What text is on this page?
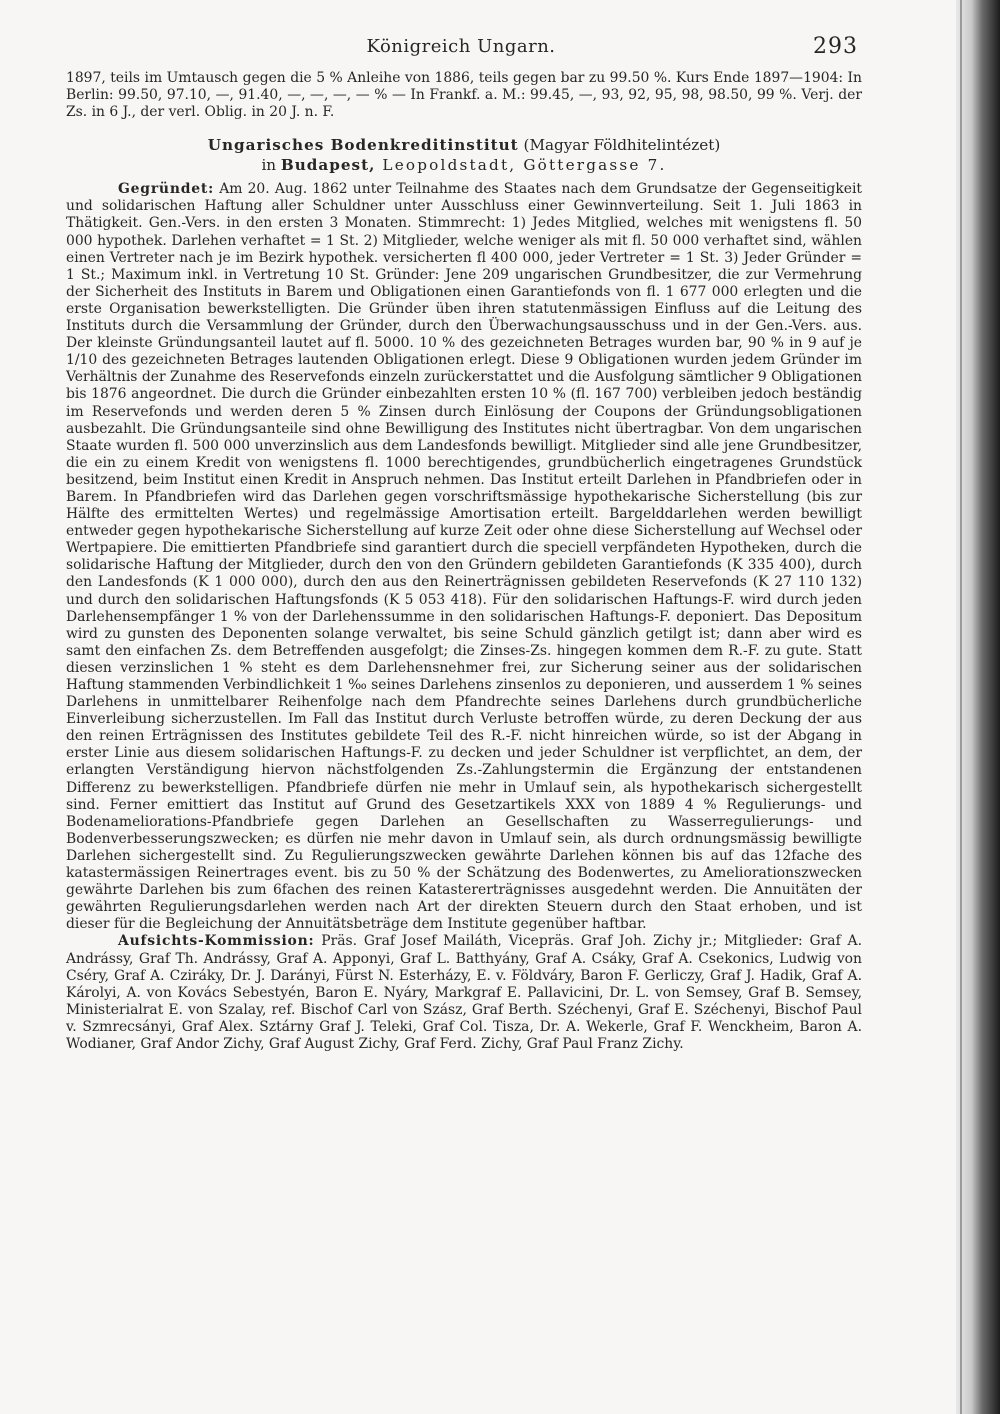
Königreich Ungarn.	293

1897, teils im Umtausch gegen die 5 % Anleihe von 1886, teils gegen bar zu 99.50 %. Kurs Ende 1897—1904: In Berlin: 99.50, 97.10, —, 91.40, —, —, —, — % — In Frankf. a. M.: 99.45, —, 93, 92, 95, 98, 98.50, 99 %. Verj. der Zs. in 6 J., der verl. Oblig. in 20 J. n. F.

Ungarisches Bodenkreditinstitut (Magyar Földhitelintézet)
in Budapest, Leopoldstadt, Göttergasse 7.

Gegründet: Am 20. Aug. 1862 unter Teilnahme des Staates nach dem Grundsatze der Gegenseitigkeit und solidarischen Haftung aller Schuldner unter Ausschluss einer Gewinnverteilung. Seit 1. Juli 1863 in Thätigkeit. Gen.-Vers. in den ersten 3 Monaten. Stimmrecht: 1) Jedes Mitglied, welches mit wenigstens fl. 50 000 hypothek. Darlehen verhaftet = 1 St. 2) Mitglieder, welche weniger als mit fl. 50 000 verhaftet sind, wählen einen Vertreter nach je im Bezirk hypothek. versicherten fl 400 000, jeder Vertreter = 1 St. 3) Jeder Gründer = 1 St.; Maximum inkl. in Vertretung 10 St. Gründer: Jene 209 ungarischen Grundbesitzer, die zur Vermehrung der Sicherheit des Instituts in Barem und Obligationen einen Garantiefonds von fl. 1 677 000 erlegten und die erste Organisation bewerkstelligten. Die Gründer üben ihren statutenmässigen Einfluss auf die Leitung des Instituts durch die Versammlung der Gründer, durch den Überwachungsausschuss und in der Gen.-Vers. aus. Der kleinste Gründungsanteil lautet auf fl. 5000. 10 % des gezeichneten Betrages wurden bar, 90 % in 9 auf je 1/10 des gezeichneten Betrages lautenden Obligationen erlegt. Diese 9 Obligationen wurden jedem Gründer im Verhältnis der Zunahme des Reservefonds einzeln zurückerstattet und die Ausfolgung sämtlicher 9 Obligationen bis 1876 angeordnet. Die durch die Gründer einbezahlten ersten 10 % (fl. 167 700) verbleiben jedoch beständig im Reservefonds und werden deren 5 % Zinsen durch Einlösung der Coupons der Gründungsobligationen ausbezahlt. Die Gründungsanteile sind ohne Bewilligung des Institutes nicht übertragbar. Von dem ungarischen Staate wurden fl. 500 000 unverzinslich aus dem Landesfonds bewilligt. Mitglieder sind alle jene Grundbesitzer, die ein zu einem Kredit von wenigstens fl. 1000 berechtigendes, grundbücherlich eingetragenes Grundstück besitzend, beim Institut einen Kredit in Anspruch nehmen. Das Institut erteilt Darlehen in Pfandbriefen oder in Barem. In Pfandbriefen wird das Darlehen gegen vorschriftsmässige hypothekarische Sicherstellung (bis zur Hälfte des ermittelten Wertes) und regelmässige Amortisation erteilt. Bargelddarlehen werden bewilligt entweder gegen hypothekarische Sicherstellung auf kurze Zeit oder ohne diese Sicherstellung auf Wechsel oder Wertpapiere. Die emittierten Pfandbriefe sind garantiert durch die speciell verpfändeten Hypotheken, durch die solidarische Haftung der Mitglieder, durch den von den Gründern gebildeten Garantiefonds (K 335 400), durch den Landesfonds (K 1 000 000), durch den aus den Reinerträgnissen gebildeten Reservefonds (K 27 110 132) und durch den solidarischen Haftungsfonds (K 5 053 418). Für den solidarischen Haftungs-F. wird durch jeden Darlehensempfänger 1 % von der Darlehenssumme in den solidarischen Haftungs-F. deponiert. Das Depositum wird zu gunsten des Deponenten solange verwaltet, bis seine Schuld gänzlich getilgt ist; dann aber wird es samt den einfachen Zs. dem Betreffenden ausgefolgt; die Zinses-Zs. hingegen kommen dem R.-F. zu gute. Statt diesen verzinslichen 1 % steht es dem Darlehensnehmer frei, zur Sicherung seiner aus der solidarischen Haftung stammenden Verbindlichkeit 1 ‰ seines Darlehens zinsenlos zu deponieren, und ausserdem 1 % seines Darlehens in unmittelbarer Reihenfolge nach dem Pfandrechte seines Darlehens durch grundbücherliche Einverleibung sicherzustellen. Im Fall das Institut durch Verluste betroffen würde, zu deren Deckung der aus den reinen Erträgnissen des Institutes gebildete Teil des R.-F. nicht hinreichen würde, so ist der Abgang in erster Linie aus diesem solidarischen Haftungs-F. zu decken und jeder Schuldner ist verpflichtet, an dem, der erlangten Verständigung hiervon nächstfolgenden Zs.-Zahlungstermin die Ergänzung der entstandenen Differenz zu bewerkstelligen. Pfandbriefe dürfen nie mehr in Umlauf sein, als hypothekarisch sichergestellt sind. Ferner emittiert das Institut auf Grund des Gesetzartikels XXX von 1889 4 % Regulierungs- und Bodenameliorations-Pfandbriefe gegen Darlehen an Gesellschaften zu Wasserregulierungs- und Bodenverbesserungszwecken; es dürfen nie mehr davon in Umlauf sein, als durch ordnungsmässig bewilligte Darlehen sichergestellt sind. Zu Regulierungszwecken gewährte Darlehen können bis auf das 12fache des katastermässigen Reinertrages event. bis zu 50 % der Schätzung des Bodenwertes, zu Ameliorationszwecken gewährte Darlehen bis zum 6fachen des reinen Katastererträgnisses ausgedehnt werden. Die Annuitäten der gewährten Regulierungsdarlehen werden nach Art der direkten Steuern durch den Staat erhoben, und ist dieser für die Begleichung der Annuitätsbeträge dem Institute gegenüber haftbar.

Aufsichts-Kommission: Präs. Graf Josef Mailáth, Vicepräs. Graf Joh. Zichy jr.; Mitglieder: Graf A. Andrássy, Graf Th. Andrássy, Graf A. Apponyi, Graf L. Batthyány, Graf A. Csáky, Graf A. Csekonics, Ludwig von Cséry, Graf A. Cziráky, Dr. J. Darányi, Fürst N. Esterházy, E. v. Földváry, Baron F. Gerliczy, Graf J. Hadik, Graf A. Károlyi, A. von Kovács Sebestyén, Baron E. Nyáry, Markgraf E. Pallavicini, Dr. L. von Semsey, Graf B. Semsey, Ministerialrat E. von Szalay, ref. Bischof Carl von Szász, Graf Berth. Széchenyi, Graf E. Széchenyi, Bischof Paul v. Szmrecsányi, Graf Alex. Sztárny Graf J. Teleki, Graf Col. Tisza, Dr. A. Wekerle, Graf F. Wenckheim, Baron A. Wodianer, Graf Andor Zichy, Graf August Zichy, Graf Ferd. Zichy, Graf Paul Franz Zichy.
